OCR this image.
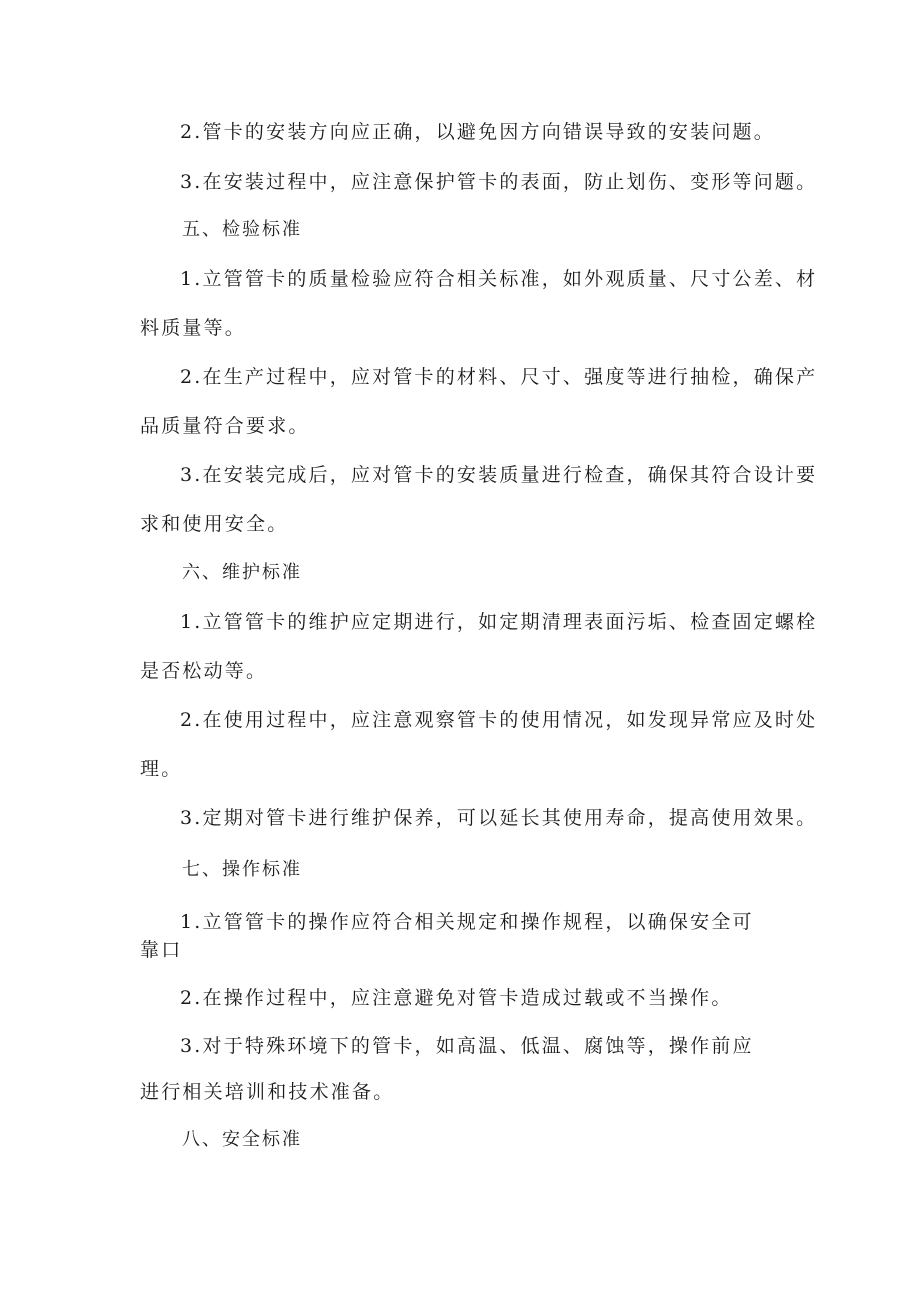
2.管卡的安装方向应正确，以避免因方向错误导致的安装问题。
3.在安装过程中，应注意保护管卡的表面，防止划伤、变形等问题。
五、检验标准
1.立管管卡的质量检验应符合相关标准，如外观质量、尺寸公差、材
料质量等。
2.在生产过程中，应对管卡的材料、尺寸、强度等进行抽检，确保产
品质量符合要求。
3.在安装完成后，应对管卡的安装质量进行检查，确保其符合设计要
求和使用安全。
六、维护标准
1.立管管卡的维护应定期进行，如定期清理表面污垢、检查固定螺栓
是否松动等。
2.在使用过程中，应注意观察管卡的使用情况，如发现异常应及时处
理。
3.定期对管卡进行维护保养，可以延长其使用寿命，提高使用效果。
七、操作标准
1.立管管卡的操作应符合相关规定和操作规程，以确保安全可
靠口
2.在操作过程中，应注意避免对管卡造成过载或不当操作。
3.对于特殊环境下的管卡，如高温、低温、腐蚀等，操作前应
进行相关培训和技术准备。
八、安全标准
